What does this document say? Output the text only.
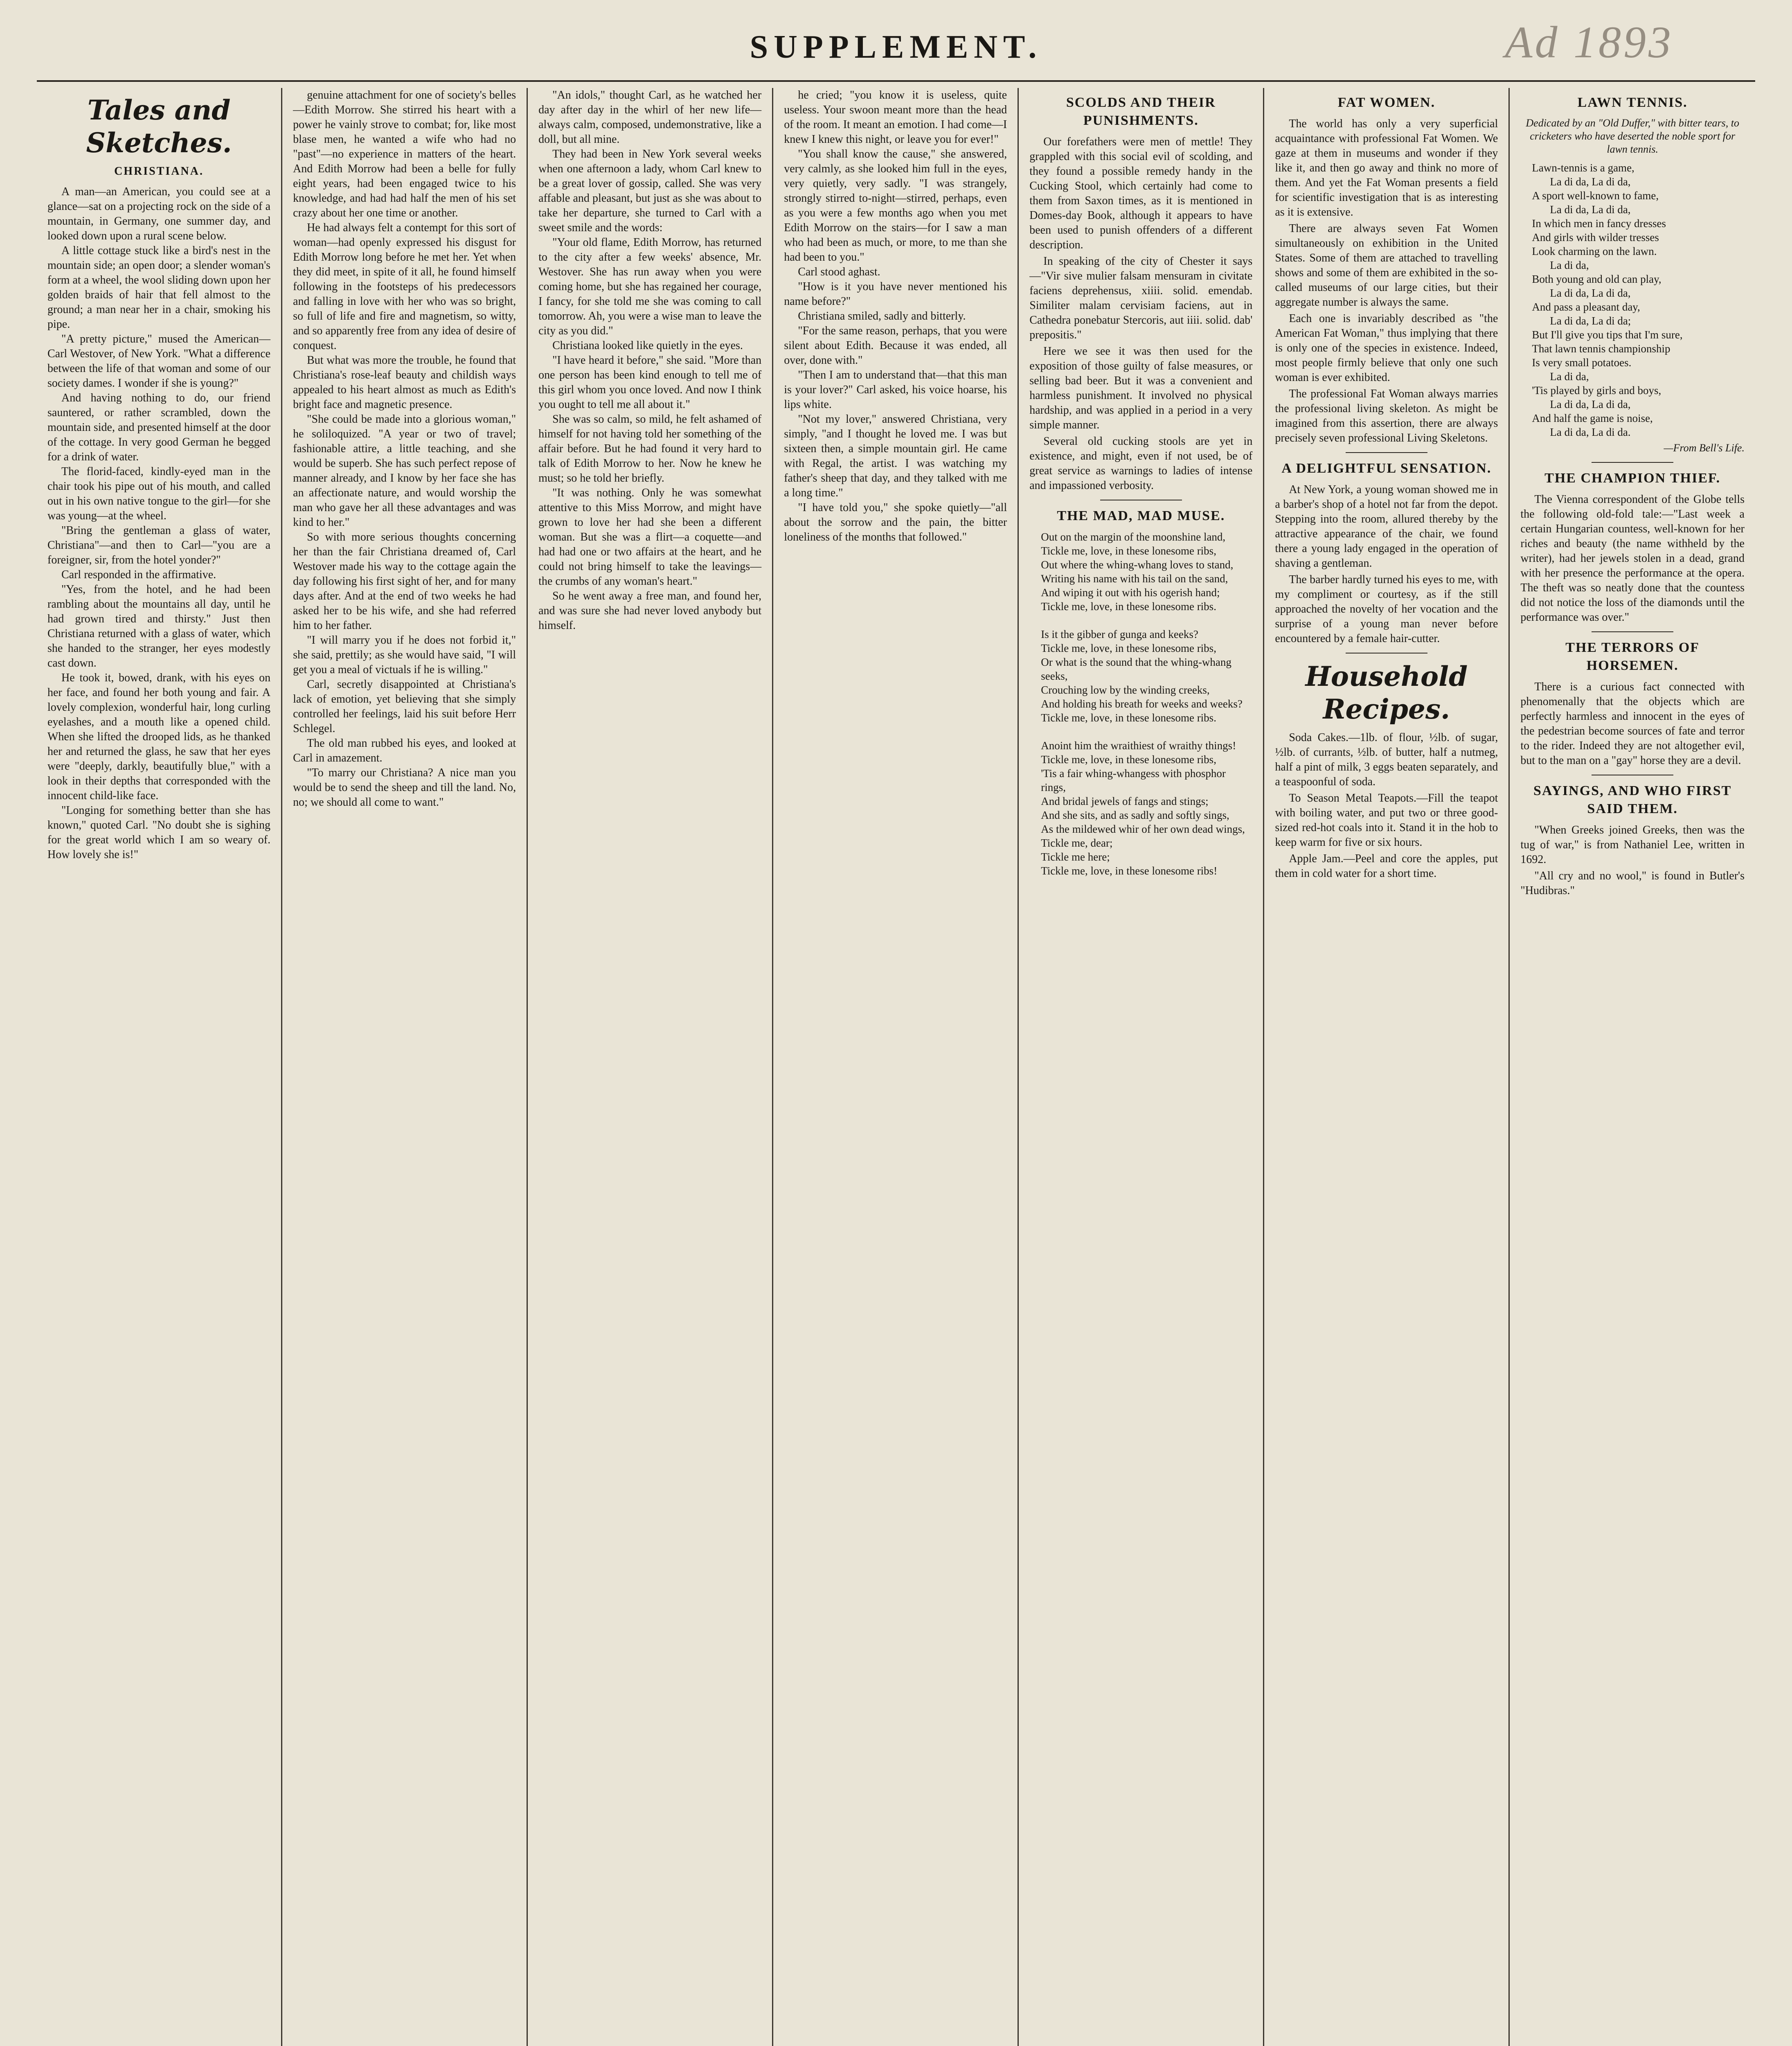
SUPPLEMENT.	Ad 1893
Tales and Sketches.
CHRISTIANA.

A man—an American, you could see at a glance—sat on a projecting rock on the side of a mountain, in Germany, one summer day, and looked down upon a rural scene below.

A little cottage stuck like a bird's nest in the mountain side; an open door; a slender woman's form at a wheel, the wool sliding down upon her golden braids of hair that fell almost to the ground; a man near her in a chair, smoking his pipe.

"A pretty picture," mused the American—Carl Westover, of New York. "What a difference between the life of that woman and some of our society dames. I wonder if she is young?"

And having nothing to do, our friend sauntered, or rather scrambled, down the mountain side, and presented himself at the door of the cottage. In very good German he begged for a drink of water.

The florid-faced, kindly-eyed man in the chair took his pipe out of his mouth, and called out in his own native tongue to the girl—for she was young—at the wheel.

"Bring the gentleman a glass of water, Christiana"—and then to Carl—"you are a foreigner, sir, from the hotel yonder?"

Carl responded in the affirmative.

"Yes, from the hotel, and he had been rambling about the mountains all day, until he had grown tired and thirsty." Just then Christiana returned with a glass of water, which she handed to the stranger, her eyes modestly cast down.

He took it, bowed, drank, with his eyes on her face, and found her both young and fair. A lovely complexion, wonderful hair, long curling eyelashes, and a mouth like a opened child. When she lifted the drooped lids, as he thanked her and returned the glass, he saw that her eyes were "deeply, darkly, beautifully blue," with a look in their depths that corresponded with the innocent child-like face.

"Longing for something better than she has known," quoted Carl. "No doubt she is sighing for the great world which I am so weary of. How lovely she is!"

genuine attachment for one of society's belles—Edith Morrow. She stirred his heart with a power he vainly strove to combat; for, like most blase men, he wanted a wife who had no "past"—no experience in matters of the heart. And Edith Morrow had been a belle for fully eight years, had been engaged twice to his knowledge, and had had half the men of his set crazy about her one time or another.

He had always felt a contempt for this sort of woman—had openly expressed his disgust for Edith Morrow long before he met her. Yet when they did meet, in spite of it all, he found himself following in the footsteps of his predecessors and falling in love with her who was so bright, so full of life and fire and magnetism, so witty, and so apparently free from any idea of desire of conquest.

But what was more the trouble, he found that Christiana's rose-leaf beauty and childish ways appealed to his heart almost as much as Edith's bright face and magnetic presence.

"She could be made into a glorious woman," he soliloquized. "A year or two of travel; fashionable attire, a little teaching, and she would be superb. She has such perfect repose of manner already, and I know by her face she has an affectionate nature, and would worship the man who gave her all these advantages and was kind to her."

So with more serious thoughts concerning her than the fair Christiana dreamed of, Carl Westover made his way to the cottage again the day following his first sight of her, and for many days after. And at the end of two weeks he had asked her to be his wife, and she had referred him to her father.

"I will marry you if he does not forbid it," she said, prettily; as she would have said, "I will get you a meal of victuals if he is willing."

Carl, secretly disappointed at Christiana's lack of emotion, yet believing that she simply controlled her feelings, laid his suit before Herr Schlegel.

The old man rubbed his eyes, and looked at Carl in amazement.

"To marry our Christiana? A nice man you would be to send the sheep and till the land. No, no; we should all come to want."

"An idols," thought Carl, as he watched her day after day in the whirl of her new life—always calm, composed, undemonstrative, like a doll, but all mine.

They had been in New York several weeks when one afternoon a lady, whom Carl knew to be a great lover of gossip, called. She was very affable and pleasant, but just as she was about to take her departure, she turned to Carl with a sweet smile and the words:

"Your old flame, Edith Morrow, has returned to the city after a few weeks' absence, Mr. Westover. She has run away when you were coming home, but she has regained her courage, I fancy, for she told me she was coming to call tomorrow. Ah, you were a wise man to leave the city as you did."

Christiana looked like quietly in the eyes.

"I have heard it before," she said. "More than one person has been kind enough to tell me of this girl whom you once loved. And now I think you ought to tell me all about it."

She was so calm, so mild, he felt ashamed of himself for not having told her something of the affair before. But he had found it very hard to talk of Edith Morrow to her. Now he knew he must; so he told her briefly.

"It was nothing. Only he was somewhat attentive to this Miss Morrow, and might have grown to love her had she been a different woman. But she was a flirt—a coquette—and had had one or two affairs at the heart, and he could not bring himself to take the leavings—the crumbs of any woman's heart."

So he went away a free man, and found her, and was sure she had never loved anybody but himself.

he cried; "you know it is useless, quite useless. Your swoon meant more than the head of the room. It meant an emotion. I had come—I knew I knew this night, or leave you for ever!"

"You shall know the cause," she answered, very calmly, as she looked him full in the eyes, very quietly, very sadly. "I was strangely, strongly stirred to-night—stirred, perhaps, even as you were a few months ago when you met Edith Morrow on the stairs—for I saw a man who had been as much, or more, to me than she had been to you."

Carl stood aghast.

"How is it you have never mentioned his name before?"

Christiana smiled, sadly and bitterly.

"For the same reason, perhaps, that you were silent about Edith. Because it was ended, all over, done with."

"Then I am to understand that—that this man is your lover?" Carl asked, his voice hoarse, his lips white.

"Not my lover," answered Christiana, very simply, "and I thought he loved me. I was but sixteen then, a simple mountain girl. He came with Regal, the artist. I was watching my father's sheep that day, and they talked with me a long time."

"I have told you," she spoke quietly—"all about the sorrow and the pain, the bitter loneliness of the months that followed."

SCOLDS AND THEIR PUNISHMENTS.

Our forefathers were men of mettle! They grappled with this social evil of scolding, and they found a possible remedy handy in the Cucking Stool, which certainly had come to them from Saxon times, as it is mentioned in Domes-day Book, although it appears to have been used to punish offenders of a different description.

In speaking of the city of Chester it says—"Vir sive mulier falsam mensuram in civitate faciens deprehensus, xiiii. solid. emendab. Similiter malam cervisiam faciens, aut in Cathedra ponebatur Stercoris, aut iiii. solid. dab' prepositis."

Here we see it was then used for the exposition of those guilty of false measures, or selling bad beer. But it was a convenient and harmless punishment. It involved no physical hardship, and was applied in a period in a very simple manner.

Several old cucking stools are yet in existence, and might, even if not used, be of great service as warnings to ladies of intense and impassioned verbosity.

THE MAD, MAD MUSE.
Out on the margin of the moonshine land,
Tickle me, love, in these lonesome ribs,
Out where the whing-whang loves to stand,
Writing his name with his tail on the sand,
And wiping it out with his ogerish hand;
Tickle me, love, in these lonesome ribs.

Is it the gibber of gunga and keeks?
Tickle me, love, in these lonesome ribs,
Or what is the sound that the whing-whang seeks,
Crouching low by the winding creeks,
And holding his breath for weeks and weeks?
Tickle me, love, in these lonesome ribs.

Anoint him the wraithiest of wraithy things!
Tickle me, love, in these lonesome ribs,
'Tis a fair whing-whangess with phosphor rings,
And bridal jewels of fangs and stings;
And she sits, and as sadly and softly sings,
As the mildewed whir of her own dead wings,
Tickle me, dear;
Tickle me here;
Tickle me, love, in these lonesome ribs!
FAT WOMEN.

The world has only a very superficial acquaintance with professional Fat Women. We gaze at them in museums and wonder if they like it, and then go away and think no more of them. And yet the Fat Woman presents a field for scientific investigation that is as interesting as it is extensive.

There are always seven Fat Women simultaneously on exhibition in the United States. Some of them are attached to travelling shows and some of them are exhibited in the so-called museums of our large cities, but their aggregate number is always the same.

Each one is invariably described as "the American Fat Woman," thus implying that there is only one of the species in existence. Indeed, most people firmly believe that only one such woman is ever exhibited.

The professional Fat Woman always marries the professional living skeleton. As might be imagined from this assertion, there are always precisely seven professional Living Skeletons.

A DELIGHTFUL SENSATION.

At New York, a young woman showed me in a barber's shop of a hotel not far from the depot. Stepping into the room, allured thereby by the attractive appearance of the chair, we found there a young lady engaged in the operation of shaving a gentleman.

The barber hardly turned his eyes to me, with my compliment or courtesy, as if the still approached the novelty of her vocation and the surprise of a young man never before encountered by a female hair-cutter.

Household Recipes.

Soda Cakes.—1lb. of flour, ½lb. of sugar, ½lb. of currants, ½lb. of butter, half a nutmeg, half a pint of milk, 3 eggs beaten separately, and a teaspoonful of soda.

To Season Metal Teapots.—Fill the teapot with boiling water, and put two or three good-sized red-hot coals into it. Stand it in the hob to keep warm for five or six hours.

Apple Jam.—Peel and core the apples, put them in cold water for a short time.

LAWN TENNIS.
Dedicated by an "Old Duffer," with bitter tears, to cricketers who have deserted the noble sport for lawn tennis.
Lawn-tennis is a game,
La di da, La di da,
A sport well-known to fame,
La di da, La di da,
In which men in fancy dresses
And girls with wilder tresses
Look charming on the lawn.
La di da,
Both young and old can play,
La di da, La di da,
And pass a pleasant day,
La di da, La di da;
But I'll give you tips that I'm sure,
That lawn tennis championship
Is very small potatoes.
La di da,
'Tis played by girls and boys,
La di da, La di da,
And half the game is noise,
La di da, La di da.
—From Bell's Life.
THE CHAMPION THIEF.

The Vienna correspondent of the Globe tells the following old-fold tale:—"Last week a certain Hungarian countess, well-known for her riches and beauty (the name withheld by the writer), had her jewels stolen in a dead, grand with her presence the performance at the opera. The theft was so neatly done that the countess did not notice the loss of the diamonds until the performance was over."

THE TERRORS OF HORSEMEN.

There is a curious fact connected with phenomenally that the objects which are perfectly harmless and innocent in the eyes of the pedestrian become sources of fate and terror to the rider. Indeed they are not altogether evil, but to the man on a "gay" horse they are a devil.

SAYINGS, AND WHO FIRST SAID THEM.

"When Greeks joined Greeks, then was the tug of war," is from Nathaniel Lee, written in 1692.

"All cry and no wool," is found in Butler's "Hudibras."
